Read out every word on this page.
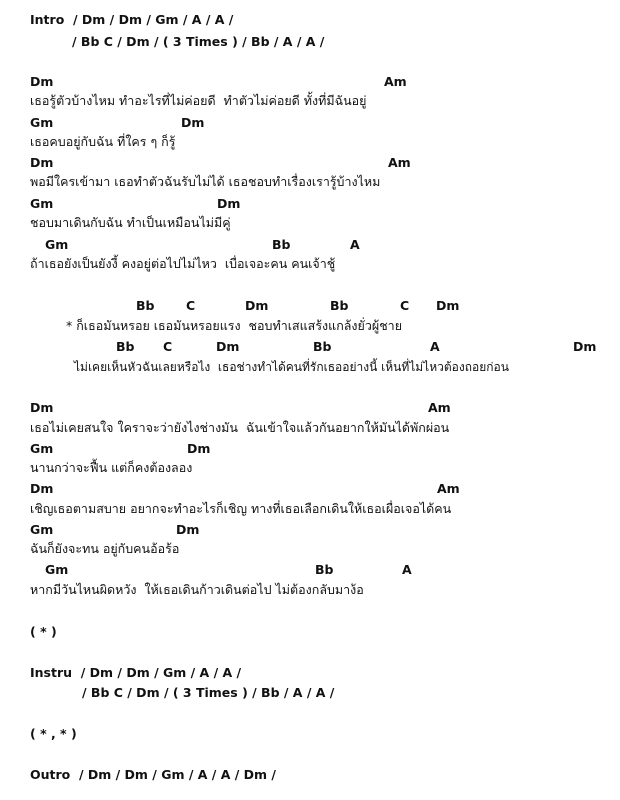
Intro  / Dm / Dm / Gm / A / A /
/ Bb C / Dm / ( 3 Times ) / Bb / A / A /
Dm	Am
เธอรู้ตัวบ้างไหม ทำอะไรที่ไม่ค่อยดี  ทำตัวไม่ค่อยดี ทั้งที่มีฉันอยู่
Gm	Dm
เธอคบอยู่กับฉัน ที่ใคร ๆ ก็รู้
Dm	Am
พอมีใครเข้ามา เธอทำตัวฉันรับไม่ได้ เธอชอบทำเรื่องเรารู้บ้างไหม
Gm	Dm
ชอบมาเดินกับฉัน ทำเป็นเหมือนไม่มีคู่
Gm	Bb	A
ถ้าเธอยังเป็นยังงี้ คงอยู่ต่อไปไม่ไหว  เบื่อเจอะคน คนเจ้าชู้
Bb	C	Dm	Bb	C Dm
* ก็เธอมันหรอย เธอมันหรอยแรง  ชอบทำเสแสร้งแกล้งยั่วผู้ชาย
Bb C	Dm	Bb	A	Dm
ไม่เคยเห็นหัวฉันเลยหรือไง  เธอช่างทำได้คนที่รักเธออย่างนี้ เห็นที่ไม่ไหวต้องถอยก่อน
Dm	Am
เธอไม่เคยสนใจ ใคราจะว่ายังไงช่างมัน  ฉันเข้าใจแล้วกันอยากให้มันได้พักผ่อน
Gm	Dm
นานกว่าจะฟื้น แต่ก็คงต้องลอง
Dm	Am
เชิญเธอตามสบาย อยากจะทำอะไรก็เชิญ ทางที่เธอเลือกเดินให้เธอเผื่อเจอได้คน
Gm	Dm
ฉันก็ยังจะทน อยู่กับคนอ้อร้อ
Gm	Bb	A
หากมีวันไหนผิดหวัง  ให้เธอเดินก้าวเดินต่อไป ไม่ต้องกลับมาง้อ
( * )
Instru  / Dm / Dm / Gm / A / A /
/ Bb C / Dm / ( 3 Times ) / Bb / A / A /
( * , * )
Outro  / Dm / Dm / Gm / A / A / Dm /
